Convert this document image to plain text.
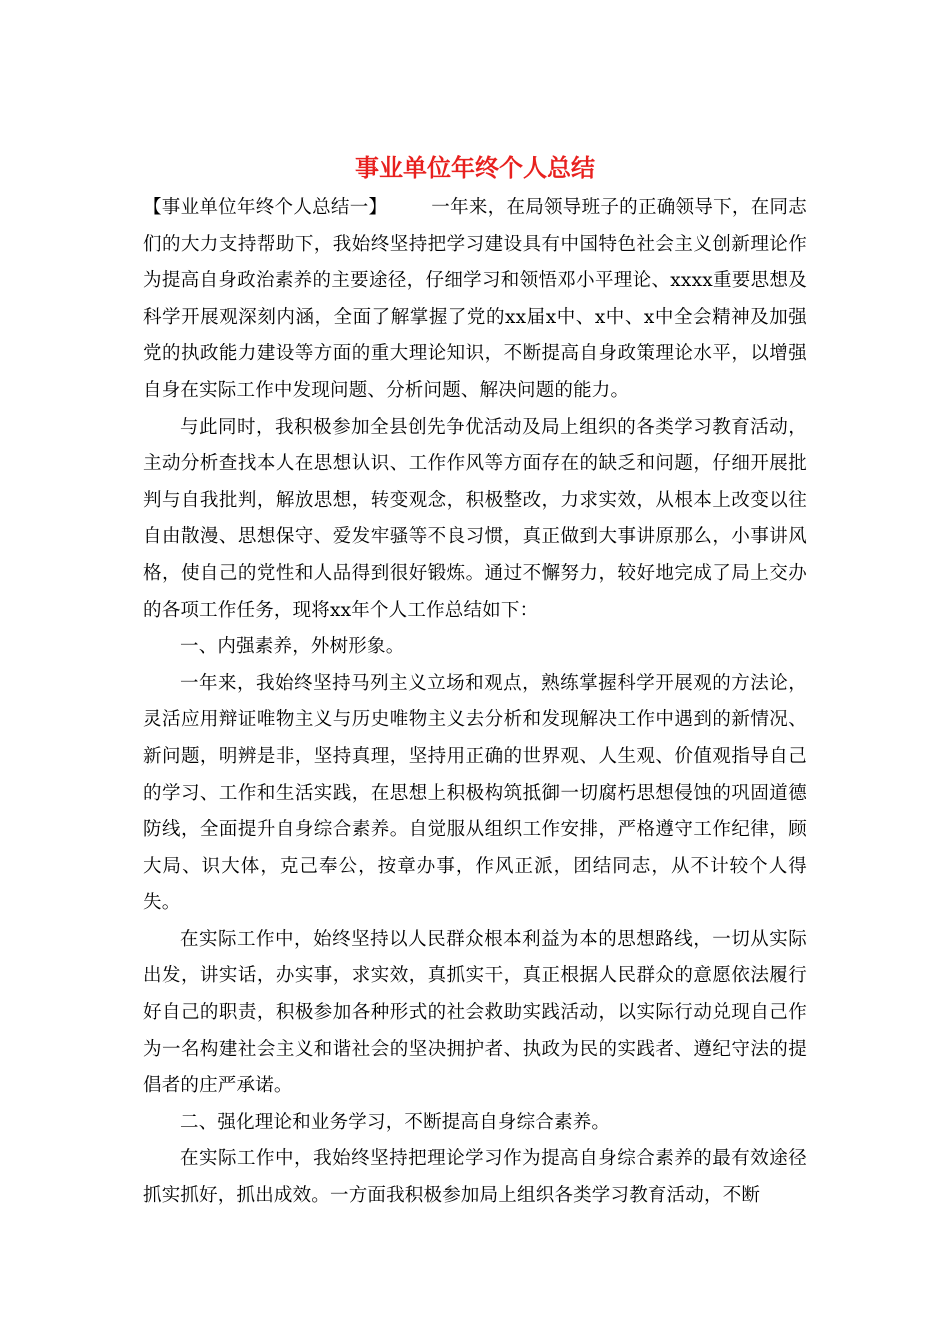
事业单位年终个人总结

【事业单位年终个人总结一】 一年来，在局领导班子的正确领导下，在同志们的大力支持帮助下，我始终坚持把学习建设具有中国特色社会主义创新理论作为提高自身政治素养的主要途径，仔细学习和领悟邓小平理论、xxxx重要思想及科学开展观深刻内涵，全面了解掌握了党的xx届x中、x中、x中全会精神及加强党的执政能力建设等方面的重大理论知识，不断提高自身政策理论水平，以增强自身在实际工作中发现问题、分析问题、解决问题的能力。

与此同时，我积极参加全县创先争优活动及局上组织的各类学习教育活动，主动分析查找本人在思想认识、工作作风等方面存在的缺乏和问题，仔细开展批判与自我批判，解放思想，转变观念，积极整改，力求实效，从根本上改变以往自由散漫、思想保守、爱发牢骚等不良习惯，真正做到大事讲原那么，小事讲风格，使自己的党性和人品得到很好锻炼。通过不懈努力，较好地完成了局上交办的各项工作任务，现将xx年个人工作总结如下：

一、内强素养，外树形象。

一年来，我始终坚持马列主义立场和观点，熟练掌握科学开展观的方法论，灵活应用辩证唯物主义与历史唯物主义去分析和发现解决工作中遇到的新情况、新问题，明辨是非，坚持真理，坚持用正确的世界观、人生观、价值观指导自己的学习、工作和生活实践，在思想上积极构筑抵御一切腐朽思想侵蚀的巩固道德防线，全面提升自身综合素养。自觉服从组织工作安排，严格遵守工作纪律，顾大局、识大体，克己奉公，按章办事，作风正派，团结同志，从不计较个人得失。

在实际工作中，始终坚持以人民群众根本利益为本的思想路线，一切从实际出发，讲实话，办实事，求实效，真抓实干，真正根据人民群众的意愿依法履行好自己的职责，积极参加各种形式的社会救助实践活动，以实际行动兑现自己作为一名构建社会主义和谐社会的坚决拥护者、执政为民的实践者、遵纪守法的提倡者的庄严承诺。

二、强化理论和业务学习，不断提高自身综合素养。

在实际工作中，我始终坚持把理论学习作为提高自身综合素养的最有效途径抓实抓好，抓出成效。一方面我积极参加局上组织各类学习教育活动，不断
